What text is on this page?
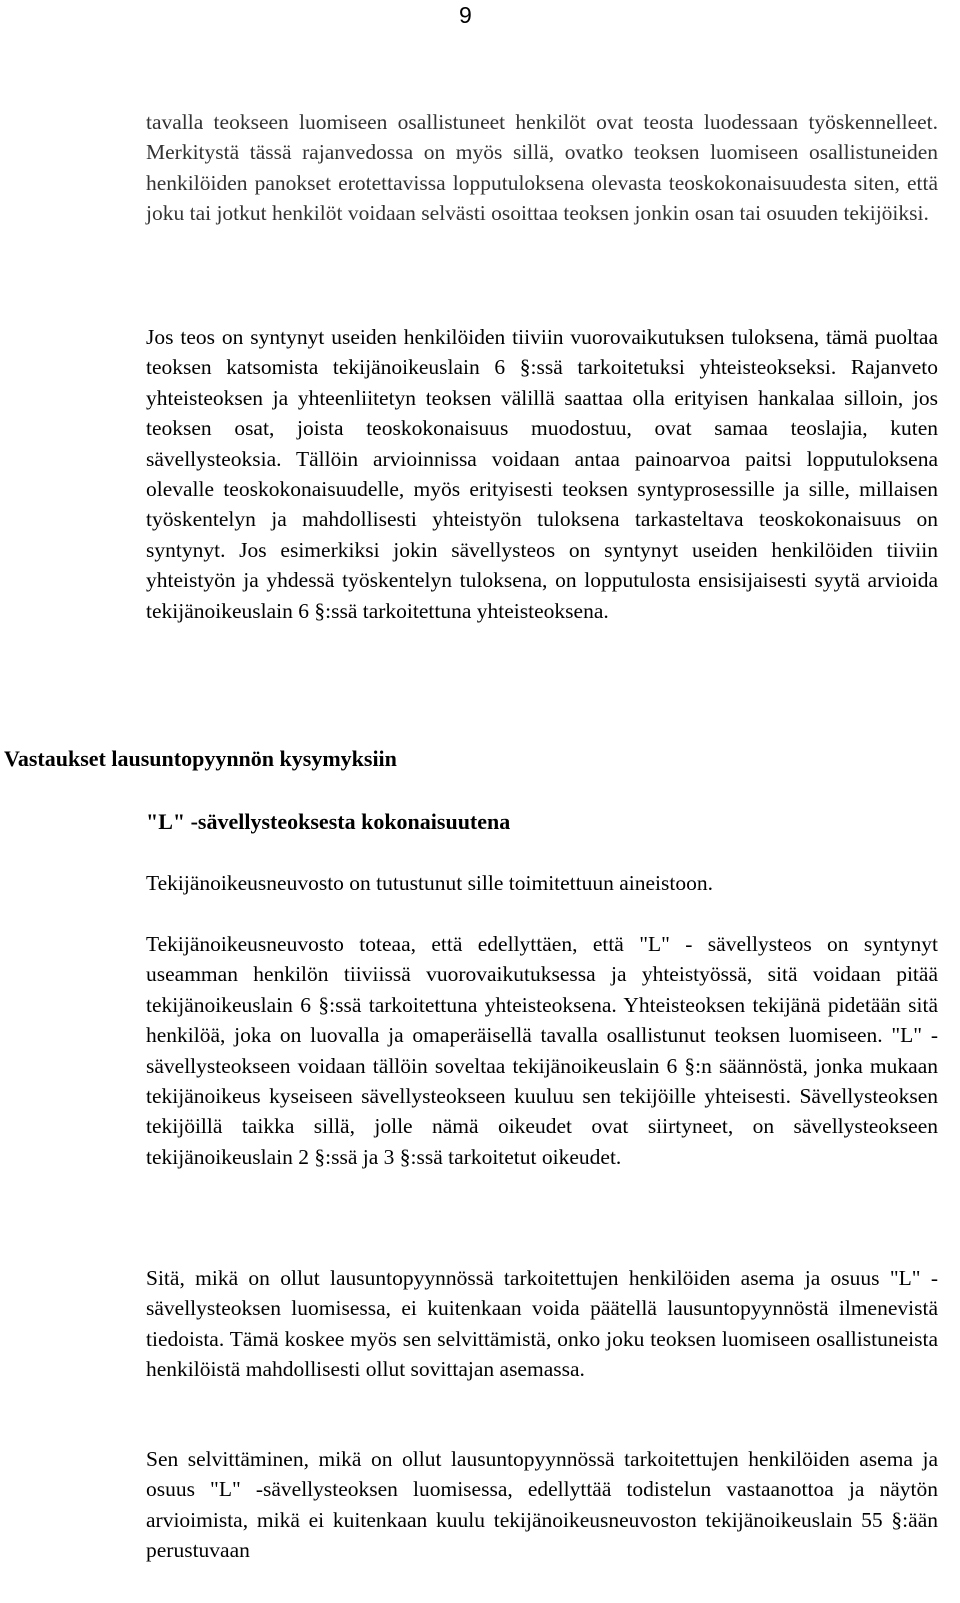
9

tavalla teokseen luomiseen osallistuneet henkilöt ovat teosta luodessaan työskennelleet. Merkitystä tässä rajanvedossa on myös sillä, ovatko teoksen luomiseen osallistuneiden henkilöiden panokset erotettavissa lopputuloksena olevasta teoskokonaisuudesta siten, että joku tai jotkut henkilöt voidaan selvästi osoittaa teoksen jonkin osan tai osuuden tekijöiksi.

Jos teos on syntynyt useiden henkilöiden tiiviin vuorovaikutuksen tuloksena, tämä puoltaa teoksen katsomista tekijänoikeuslain 6 §:ssä tarkoitetuksi yhteisteokseksi. Rajanveto yhteisteoksen ja yhteenliitetyn teoksen välillä saattaa olla erityisen hankalaa silloin, jos teoksen osat, joista teoskokonaisuus muodostuu, ovat samaa teoslajia, kuten sävellysteoksia. Tällöin arvioinnissa voidaan antaa painoarvoa paitsi lopputuloksena olevalle teoskokonaisuudelle, myös erityisesti teoksen syntyprosessille ja sille, millaisen työskentelyn ja mahdollisesti yhteistyön tuloksena tarkasteltava teoskokonaisuus on syntynyt. Jos esimerkiksi jokin sävellysteos on syntynyt useiden henkilöiden tiiviin yhteistyön ja yhdessä työskentelyn tuloksena, on lopputulosta ensisijaisesti syytä arvioida tekijänoikeuslain 6 §:ssä tarkoitettuna yhteisteoksena.

Vastaukset lausuntopyynnön kysymyksiin
"L" -sävellysteoksesta kokonaisuutena

Tekijänoikeusneuvosto on tutustunut sille toimitettuun aineistoon.

Tekijänoikeusneuvosto toteaa, että edellyttäen, että "L" - sävellysteos on syntynyt useamman henkilön tiiviissä vuorovaikutuksessa ja yhteistyössä, sitä voidaan pitää tekijänoikeuslain 6 §:ssä tarkoitettuna yhteisteoksena. Yhteisteoksen tekijänä pidetään sitä henkilöä, joka on luovalla ja omaperäisellä tavalla osallistunut teoksen luomiseen. "L" - sävellysteokseen voidaan tällöin soveltaa tekijänoikeuslain 6 §:n säännöstä, jonka mukaan tekijänoikeus kyseiseen sävellysteokseen kuuluu sen tekijöille yhteisesti. Sävellysteoksen tekijöillä taikka sillä, jolle nämä oikeudet ovat siirtyneet, on sävellysteokseen tekijänoikeuslain 2 §:ssä ja 3 §:ssä tarkoitetut oikeudet.

Sitä, mikä on ollut lausuntopyynnössä tarkoitettujen henkilöiden asema ja osuus "L" -sävellysteoksen luomisessa, ei kuitenkaan voida päätellä lausuntopyynnöstä ilmenevistä tiedoista. Tämä koskee myös sen selvittämistä, onko joku teoksen luomiseen osallistuneista henkilöistä mahdollisesti ollut sovittajan asemassa.

Sen selvittäminen, mikä on ollut lausuntopyynnössä tarkoitettujen henkilöiden asema ja osuus "L" -sävellysteoksen luomisessa, edellyttää todistelun vastaanottoa ja näytön arvioimista, mikä ei kuitenkaan kuulu tekijänoikeusneuvoston tekijänoikeuslain 55 §:ään perustuvaan
